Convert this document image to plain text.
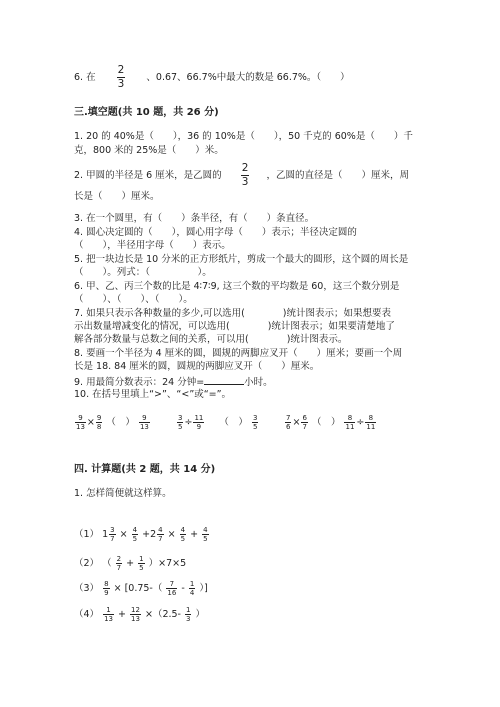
6. 在 $\frac{2}{3}$ 、0.67、66.7%中最大的数是 66.7%。（　　）
三.填空题(共 10 题，共 26 分)
1. 20 的 40%是（　　），36 的 10%是（　　），50 千克的 60%是（　　）千
克，800 米的 25%是（　　）米。
2. 甲圆的半径是 6 厘米，是乙圆的 $\frac{2}{3}$ ，乙圆的直径是（　　）厘米，周
长是（　　）厘米。
3. 在一个圆里，有（　　）条半径，有（　　）条直径。
4. 圆心决定圆的（　　），圆心用字母（　　）表示；半径决定圆的
（　　），半径用字母（　　）表示。
5. 把一块边长是 10 分米的正方形纸片，剪成一个最大的圆形，这个圆的周长是
（　　）。列式：（　　　　　）。
6. 甲、乙、丙三个数的比是 4∶7∶9, 这三个数的平均数是 60，这三个数分别是
（　　）、（　　）、（　　）。
7. 如果只表示各种数量的多少,可以选用(　　　　)统计图表示；如果想要表
示出数量增减变化的情况，可以选用(　　　　)统计图表示；如果要清楚地了
解各部分数量与总数之间的关系，可以用(　　　　)统计图表示。
8. 要画一个半径为 4 厘米的圆，圆规的两脚应叉开（　　）厘米；要画一个周
长是 18. 84 厘米的圆，圆规的两脚应叉开（　　）厘米。
9. 用最简分数表示：24 分钟=	小时。
10. 在括号里填上“>”、“<”或“=”。
$\frac{9}{13} \times \frac{9}{8}$ （　） $\frac{9}{13}$	$\frac{3}{5} \div \frac{11}{9}$ （　） $\frac{3}{5}$	$\frac{7}{6} \times \frac{6}{7}$ （　） $\frac{8}{11} \div \frac{8}{11}$
四. 计算题(共 2 题，共 14 分)
1. 怎样简便就这样算。
（1） $1 \frac{3}{7} \times \frac{4}{5} +2 \frac{4}{7} \times \frac{4}{5} + \frac{4}{5}$
（2） （ $\frac{2}{7} + \frac{1}{5} )\times 7\times 5$
$(3) \frac{8}{9} \times [0.75-( \frac{7}{16} - \frac{1}{4}$ ）]
$(4) \frac{1}{13} + \frac{12}{13} \times(2.5- \frac{1}{3}$ ）
